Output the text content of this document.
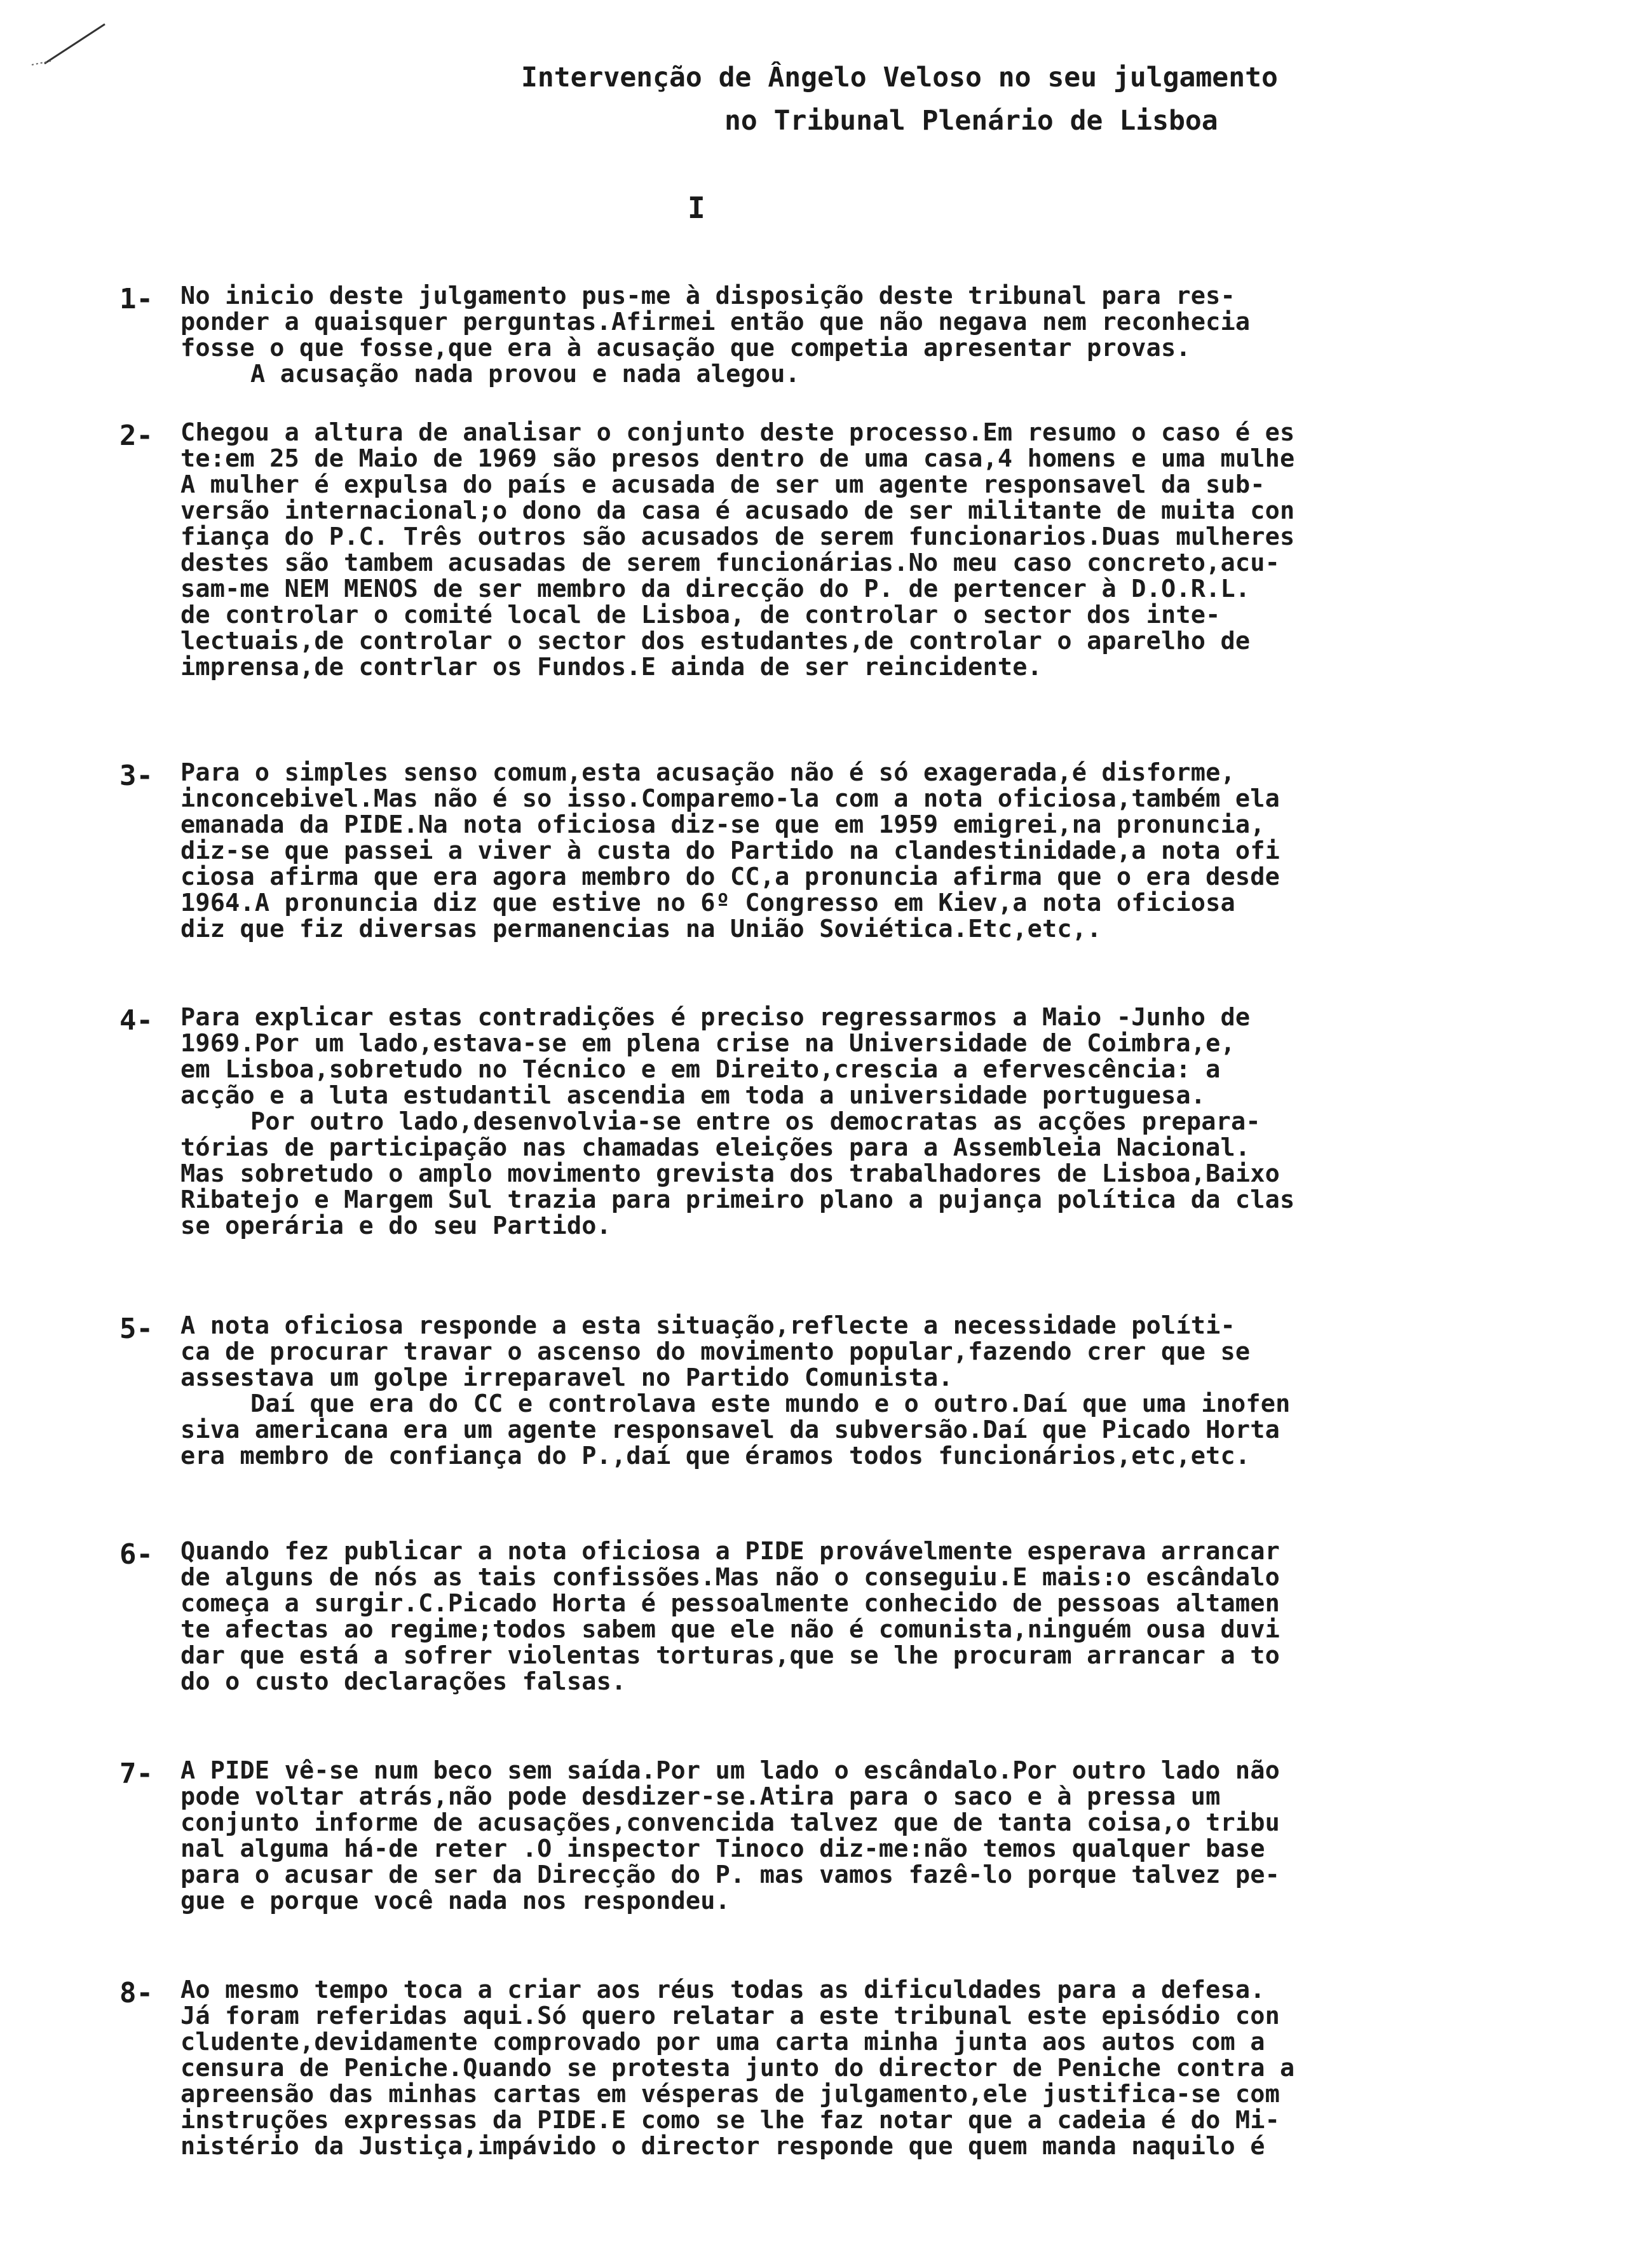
Intervenção de Ângelo Veloso no seu julgamento
no Tribunal Plenário de Lisboa
I
1- No inicio deste julgamento pus-me à disposição deste tribunal para res-
ponder a quaisquer perguntas.Afirmei então que não negava nem reconhecia
fosse o que fosse,que era à acusação que competia apresentar provas.
A acusação nada provou e nada alegou.
2- Chegou a altura de analisar o conjunto deste processo.Em resumo o caso é es
te:em 25 de Maio de 1969 são presos dentro de uma casa,4 homens e uma mulhe
A mulher é expulsa do país e acusada de ser um agente responsavel da sub-
versão internacional;o dono da casa é acusado de ser militante de muita con
fiança do P.C. Três outros são acusados de serem funcionarios.Duas mulheres
destes são tambem acusadas de serem funcionárias.No meu caso concreto,acu-
sam-me NEM MENOS de ser membro da direcção do P. de pertencer à D.O.R.L.
de controlar o comité local de Lisboa, de controlar o sector dos inte-
lectuais,de controlar o sector dos estudantes,de controlar o aparelho de
imprensa,de contrlar os Fundos.E ainda de ser reincidente.
3- Para o simples senso comum,esta acusação não é só exagerada,é disforme,
inconcebivel.Mas não é so isso.Comparemo-la com a nota oficiosa,também ela
emanada da PIDE.Na nota oficiosa diz-se que em 1959 emigrei,na pronuncia,
diz-se que passei a viver à custa do Partido na clandestinidade,a nota ofi
ciosa afirma que era agora membro do CC,a pronuncia afirma que o era desde
1964.A pronuncia diz que estive no 6º Congresso em Kiev,a nota oficiosa
diz que fiz diversas permanencias na União Soviética.Etc,etc,.
4- Para explicar estas contradições é preciso regressarmos a Maio -Junho de
1969.Por um lado,estava-se em plena crise na Universidade de Coimbra,e,
em Lisboa,sobretudo no Técnico e em Direito,crescia a efervescência: a
acção e a luta estudantil ascendia em toda a universidade portuguesa.
Por outro lado,desenvolvia-se entre os democratas as acções prepara-
tórias de participação nas chamadas eleições para a Assembleia Nacional.
Mas sobretudo o amplo movimento grevista dos trabalhadores de Lisboa,Baixo
Ribatejo e Margem Sul trazia para primeiro plano a pujança política da clas
se operária e do seu Partido.
5- A nota oficiosa responde a esta situação,reflecte a necessidade políti-
ca de procurar travar o ascenso do movimento popular,fazendo crer que se
assestava um golpe irreparavel no Partido Comunista.
Daí que era do CC e controlava este mundo e o outro.Daí que uma inofen
siva americana era um agente responsavel da subversão.Daí que Picado Horta
era membro de confiança do P.,daí que éramos todos funcionários,etc,etc.
6- Quando fez publicar a nota oficiosa a PIDE provávelmente esperava arrancar
de alguns de nós as tais confissões.Mas não o conseguiu.E mais:o escândalo
começa a surgir.C.Picado Horta é pessoalmente conhecido de pessoas altamen
te afectas ao regime;todos sabem que ele não é comunista,ninguém ousa duvi
dar que está a sofrer violentas torturas,que se lhe procuram arrancar a to
do o custo declarações falsas.
7- A PIDE vê-se num beco sem saída.Por um lado o escândalo.Por outro lado não
pode voltar atrás,não pode desdizer-se.Atira para o saco e à pressa um
conjunto informe de acusações,convencida talvez que de tanta coisa,o tribu
nal alguma há-de reter .O inspector Tinoco diz-me:não temos qualquer base
para o acusar de ser da Direcção do P. mas vamos fazê-lo porque talvez pe-
gue e porque você nada nos respondeu.
8- Ao mesmo tempo toca a criar aos réus todas as dificuldades para a defesa.
Já foram referidas aqui.Só quero relatar a este tribunal este episódio con
cludente,devidamente comprovado por uma carta minha junta aos autos com a
censura de Peniche.Quando se protesta junto do director de Peniche contra a
apreensão das minhas cartas em vésperas de julgamento,ele justifica-se com
instruções expressas da PIDE.E como se lhe faz notar que a cadeia é do Mi-
nistério da Justiça,impávido o director responde que quem manda naquilo é
